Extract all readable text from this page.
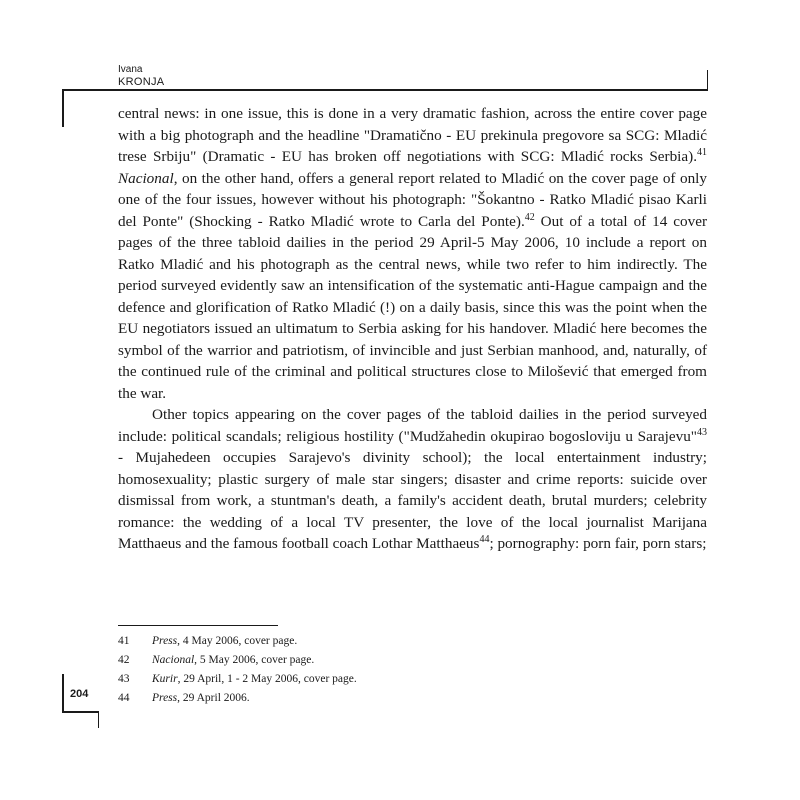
Ivana
KRONJA

central news: in one issue, this is done in a very dramatic fashion, across the entire cover page with a big photograph and the headline "Dramatično - EU prekinula pregovore sa SCG: Mladić trese Srbiju" (Dramatic - EU has broken off negotiations with SCG: Mladić rocks Serbia).$^{41}$ Nacional, on the other hand, offers a general report related to Mladić on the cover page of only one of the four issues, however without his photograph: "Šokantno - Ratko Mladić pisao Karli del Ponte" (Shocking - Ratko Mladić wrote to Carla del Ponte).$^{42}$ Out of a total of 14 cover pages of the three tabloid dailies in the period 29 April-5 May 2006, 10 include a report on Ratko Mladić and his photograph as the central news, while two refer to him indirectly. The period surveyed evidently saw an intensification of the systematic anti-Hague campaign and the defence and glorification of Ratko Mladić (!) on a daily basis, since this was the point when the EU negotiators issued an ultimatum to Serbia asking for his handover. Mladić here becomes the symbol of the warrior and patriotism, of invincible and just Serbian manhood, and, naturally, of the continued rule of the criminal and political structures close to Milošević that emerged from the war.

Other topics appearing on the cover pages of the tabloid dailies in the period surveyed include: political scandals; religious hostility ("Mudžahedin okupirao bogosloviju u Sarajevu"$^{43}$ - Mujahedeen occupies Sarajevo's divinity school); the local entertainment industry; homosexuality; plastic surgery of male star singers; disaster and crime reports: suicide over dismissal from work, a stuntman's death, a family's accident death, brutal murders; celebrity romance: the wedding of a local TV presenter, the love of the local journalist Marijana Matthaeus and the famous football coach Lothar Matthaeus$^{44}$; pornography: porn fair, porn stars;

41	Press, 4 May 2006, cover page.
42	Nacional, 5 May 2006, cover page.
43	Kurir, 29 April, 1 - 2 May 2006, cover page.
44	Press, 29 April 2006.
204
